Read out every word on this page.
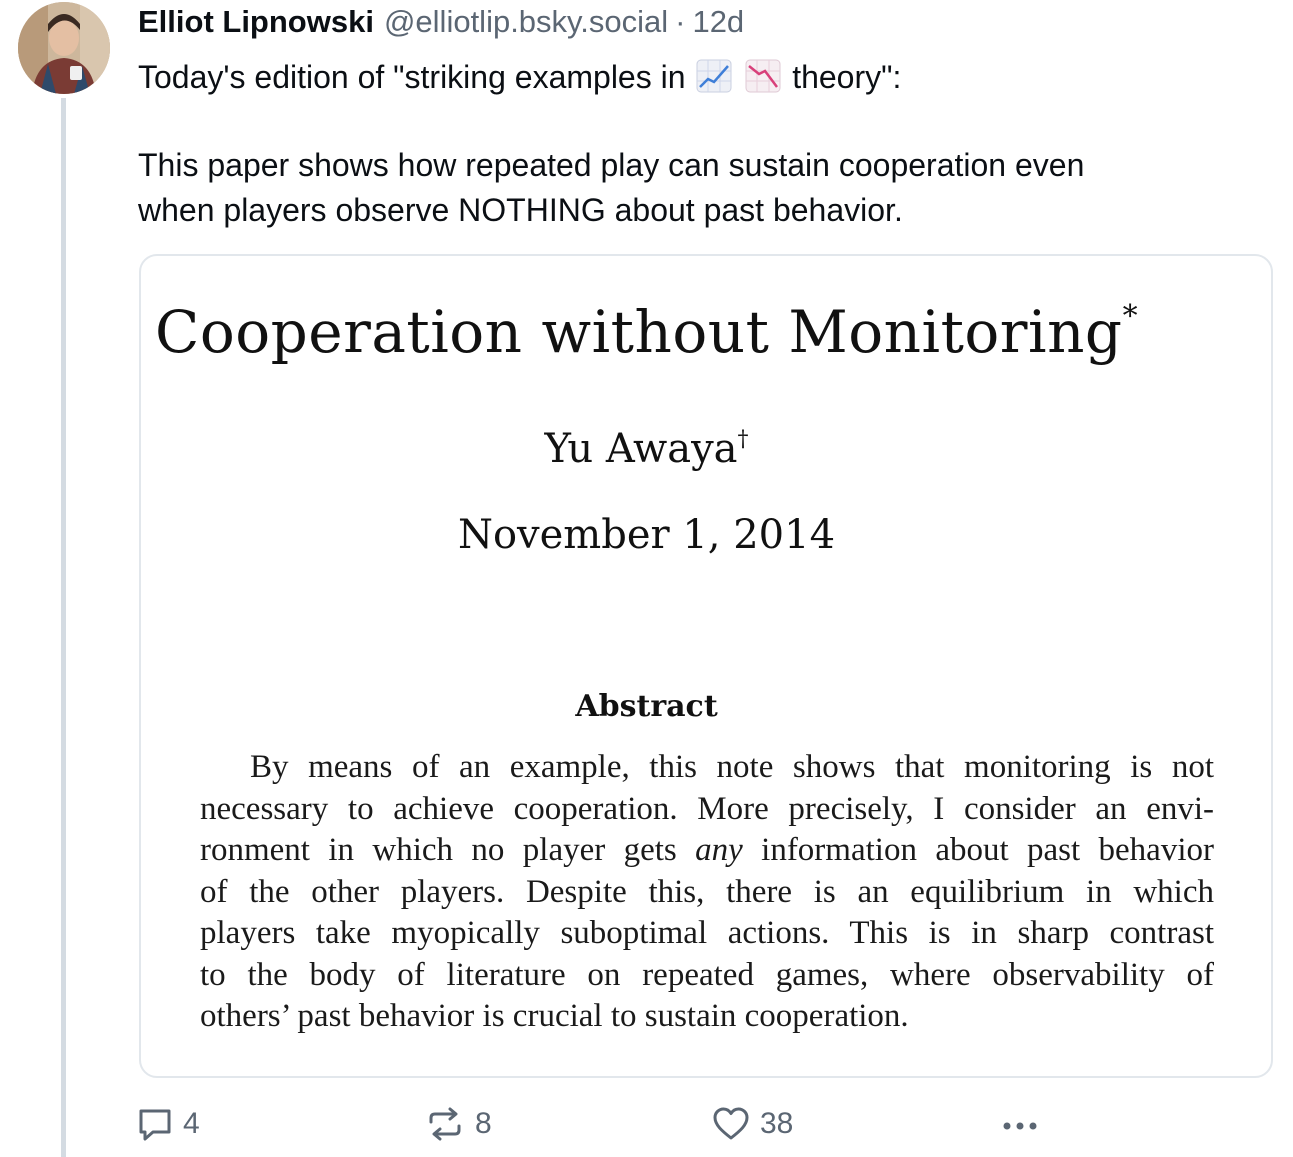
Elliot Lipnowski @elliotlip.bsky.social · 12d
Today's edition of "striking examples in	theory":
This paper shows how repeated play can sustain cooperation even
when players observe NOTHING about past behavior.
Cooperation without Monitoring*
Yu Awaya†
November 1, 2014
Abstract
By means of an example, this note shows that monitoring is not
necessary to achieve cooperation. More precisely, I consider an envi-
ronment in which no player gets any information about past behavior
of the other players. Despite this, there is an equilibrium in which
players take myopically suboptimal actions. This is in sharp contrast
to the body of literature on repeated games, where observability of
others’ past behavior is crucial to sustain cooperation.
4	8	38
